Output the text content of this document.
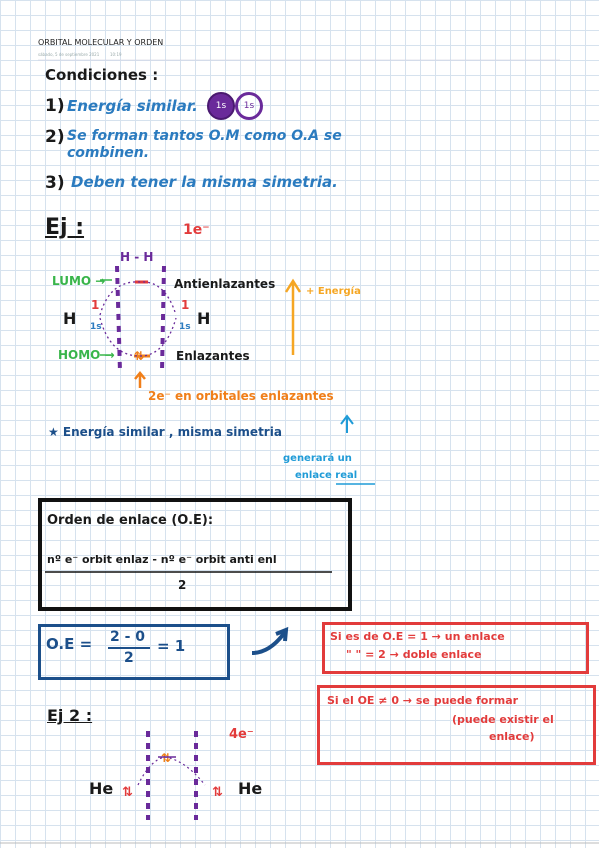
ORBITAL MOLECULAR Y ORDEN
sábado, 5 de septiembre 2021	10:19
Condiciones :
1) Energía similar.	1s	1s
2) Se forman tantos O.M como O.A se
combinen.
3) Deben tener la misma simetria.
Ej :	1e⁻
H - H
LUMO →
HOMO →
H
1
1s
1
1s H
Antienlazantes
Enlazantes
+ Energía
2e⁻ en orbitales enlazantes
★ Energía similar , misma simetria
generará un
enlace real
Orden de enlace (O.E):
nº e⁻ orbit enlaz - nº e⁻ orbit anti enl
2
O.E = 2 - 0
2
= 1
Si es de O.E = 1 → un enlace
" " = 2 → doble enlace
Si el OE ≠ 0 → se puede formar
(puede existir el
enlace)
Ej 2 :
4e⁻
He	He
⇅
⇅
⇅	⇅
